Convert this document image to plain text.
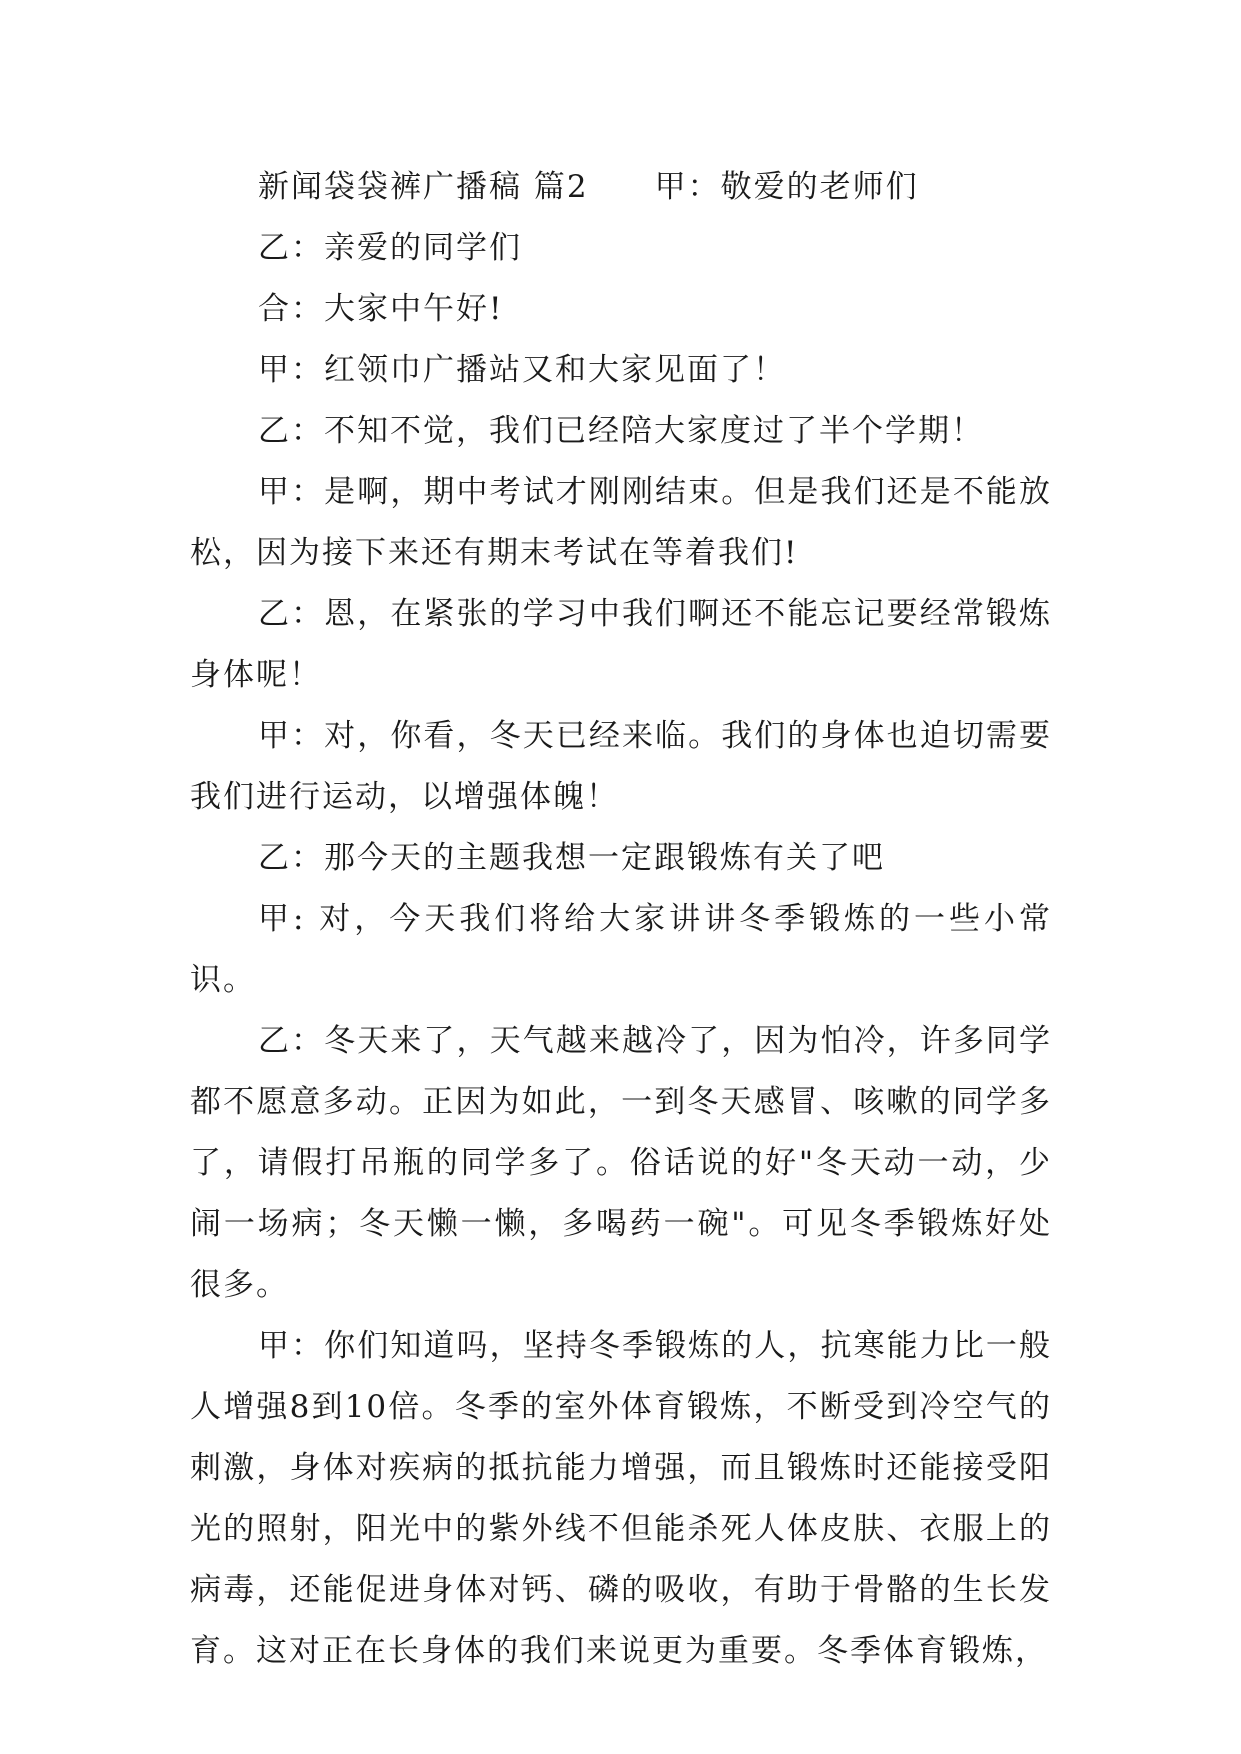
新闻袋袋裤广播稿 篇2　　甲：敬爱的老师们

乙：亲爱的同学们

合：大家中午好!

甲：红领巾广播站又和大家见面了！

乙：不知不觉，我们已经陪大家度过了半个学期！

甲：是啊，期中考试才刚刚结束。但是我们还是不能放松，因为接下来还有期末考试在等着我们!

乙：恩，在紧张的学习中我们啊还不能忘记要经常锻炼身体呢！

甲：对，你看，冬天已经来临。我们的身体也迫切需要我们进行运动，以增强体魄！

乙：那今天的主题我想一定跟锻炼有关了吧

甲: 对，今天我们将给大家讲讲冬季锻炼的一些小常识。

乙：冬天来了，天气越来越冷了，因为怕冷，许多同学都不愿意多动。正因为如此，一到冬天感冒、咳嗽的同学多了，请假打吊瓶的同学多了。俗话说的好"冬天动一动，少闹一场病；冬天懒一懒，多喝药一碗"。可见冬季锻炼好处很多。

甲：你们知道吗，坚持冬季锻炼的人，抗寒能力比一般人增强8到10倍。冬季的室外体育锻炼，不断受到冷空气的刺激，身体对疾病的抵抗能力增强，而且锻炼时还能接受阳光的照射，阳光中的紫外线不但能杀死人体皮肤、衣服上的病毒，还能促进身体对钙、磷的吸收，有助于骨骼的生长发育。这对正在长身体的我们来说更为重要。冬季体育锻炼，
